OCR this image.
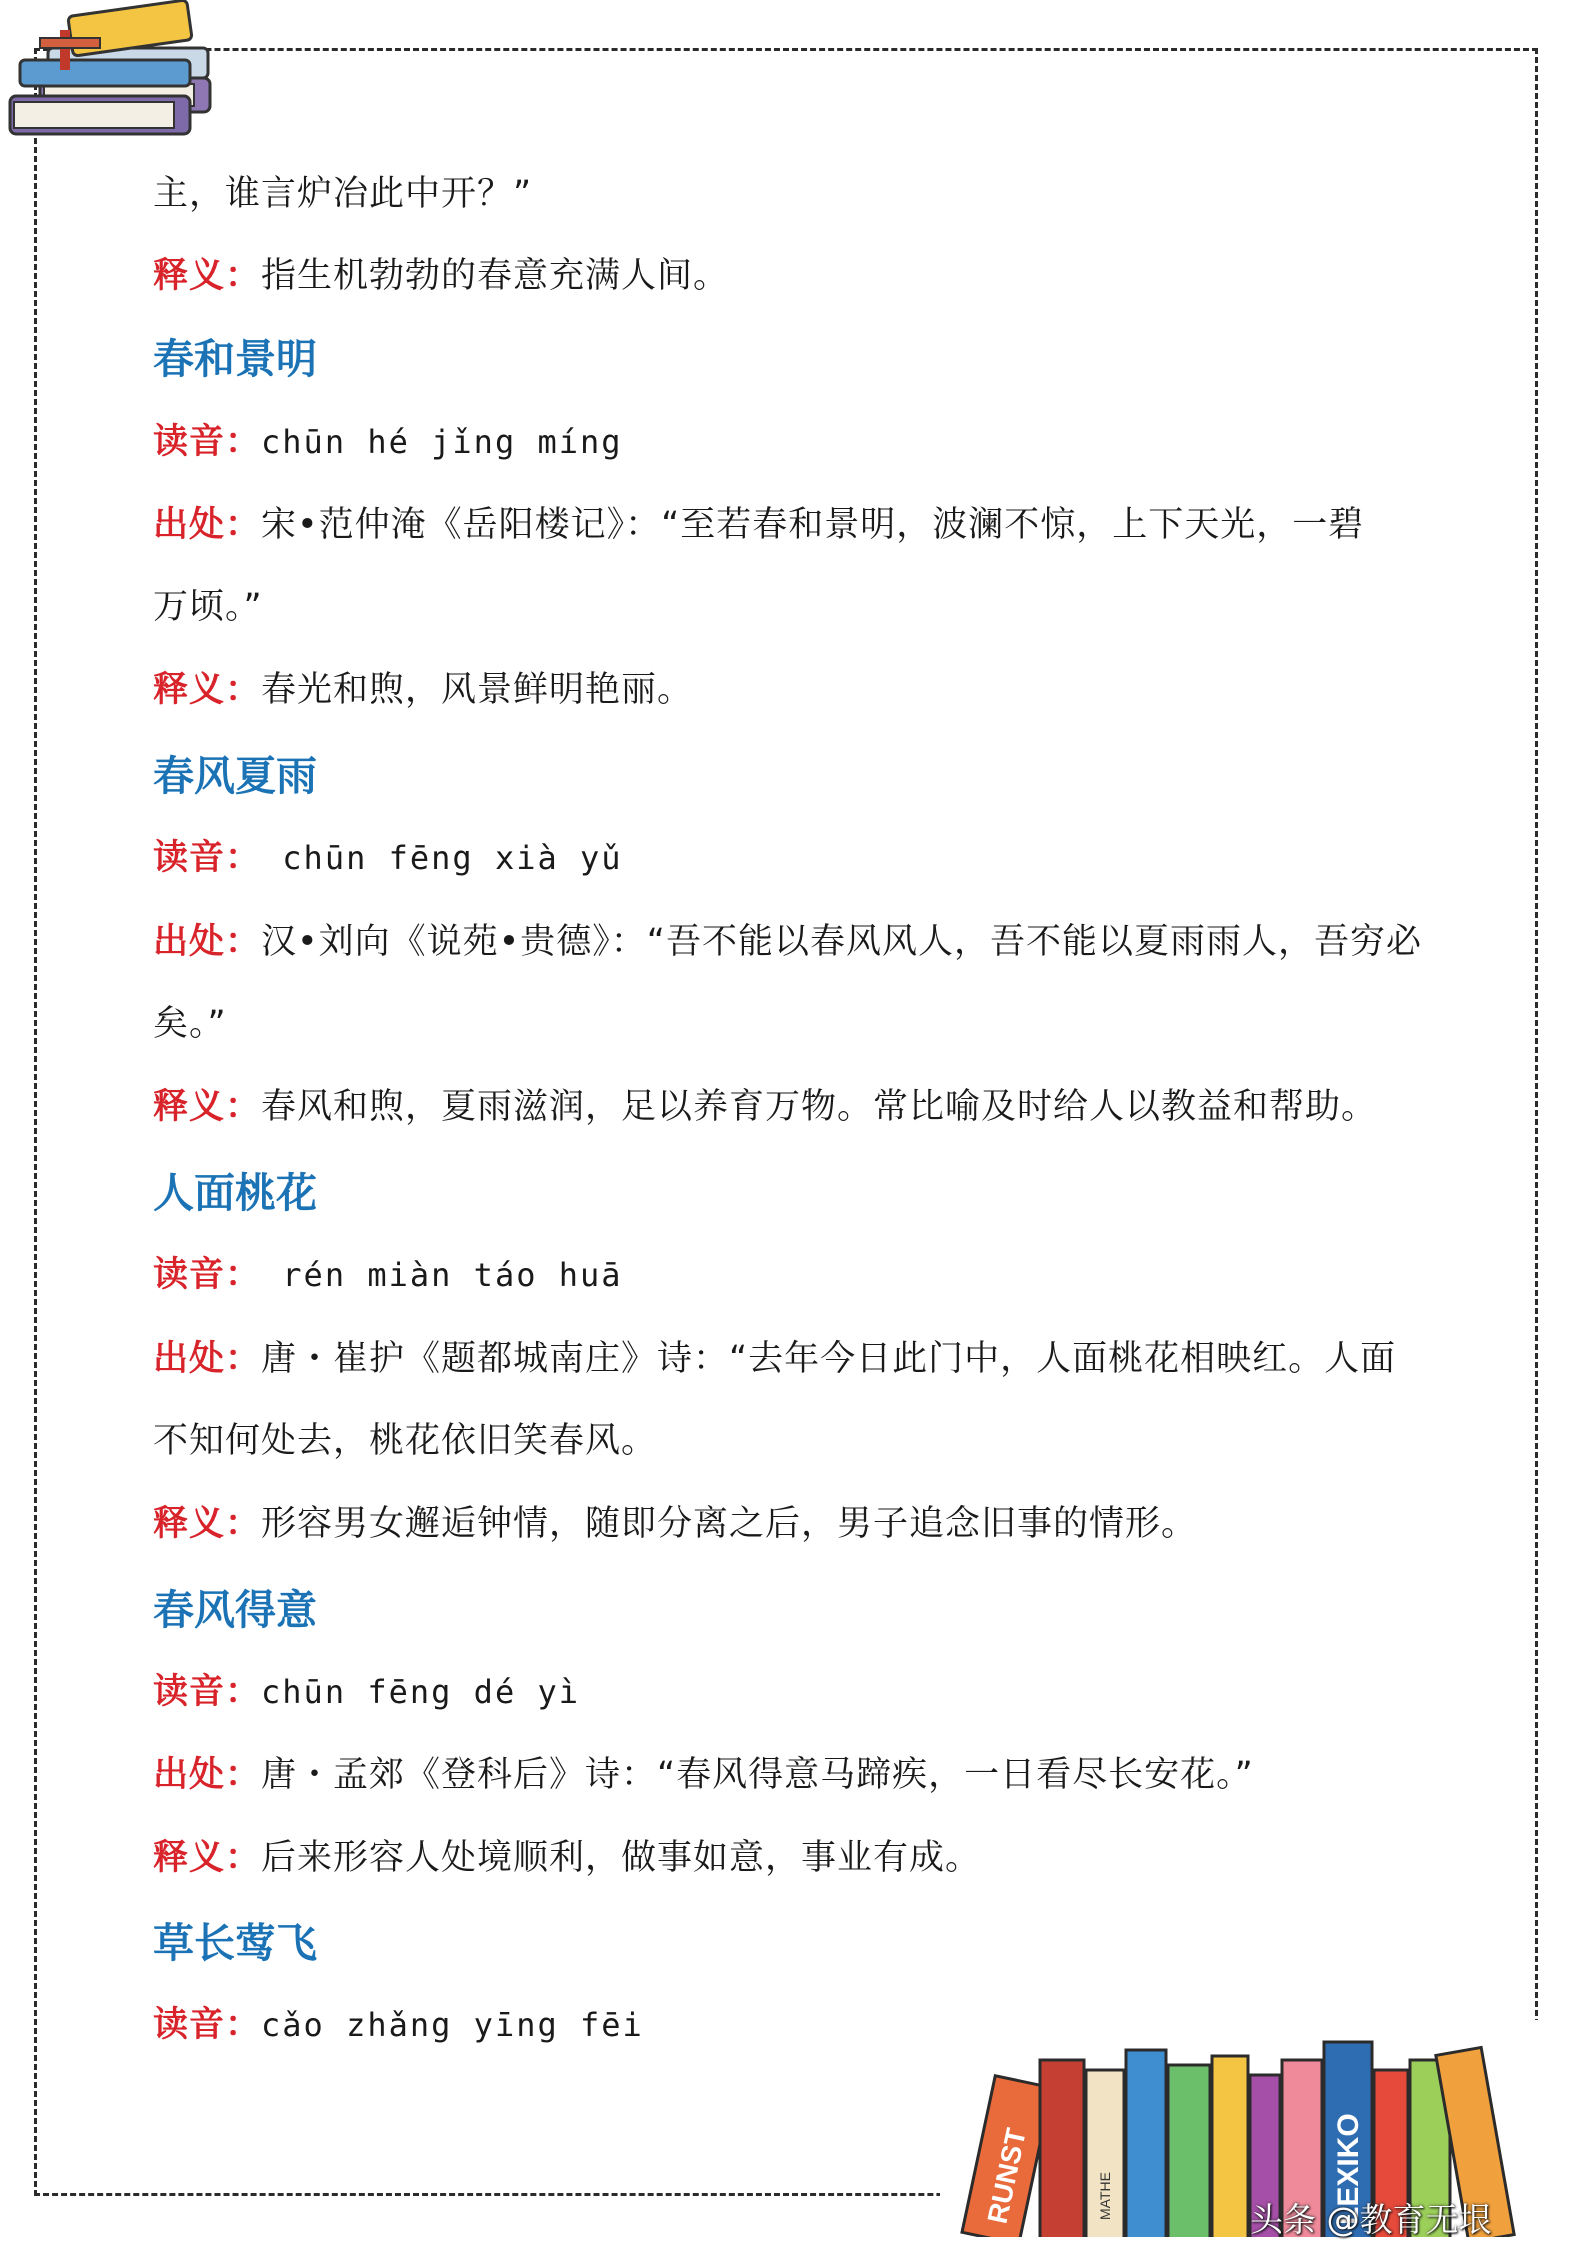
主，谁言炉冶此中开？”
释义：指生机勃勃的春意充满人间。
春和景明
读音：chūn hé jǐng míng
出处：宋•范仲淹《岳阳楼记》：“至若春和景明，波澜不惊，上下天光，一碧
万顷。”
释义：春光和煦，风景鲜明艳丽。
春风夏雨
读音： chūn fēng xià yǔ
出处：汉•刘向《说苑•贵德》：“吾不能以春风风人，吾不能以夏雨雨人，吾穷必
矣。”
释义：春风和煦，夏雨滋润，足以养育万物。常比喻及时给人以教益和帮助。
人面桃花
读音： rén miàn táo huā
出处：唐・崔护《题都城南庄》诗：“去年今日此门中，人面桃花相映红。人面
不知何处去，桃花依旧笑春风。
释义：形容男女邂逅钟情，随即分离之后，男子追念旧事的情形。
春风得意
读音：chūn fēng dé yì
出处：唐・孟郊《登科后》诗：“春风得意马蹄疾，一日看尽长安花。”
释义：后来形容人处境顺利，做事如意，事业有成。
草长莺飞
读音：cǎo zhǎng yīng fēi
RUNST	MATHE	LEXIKO
头条 @教育无垠
